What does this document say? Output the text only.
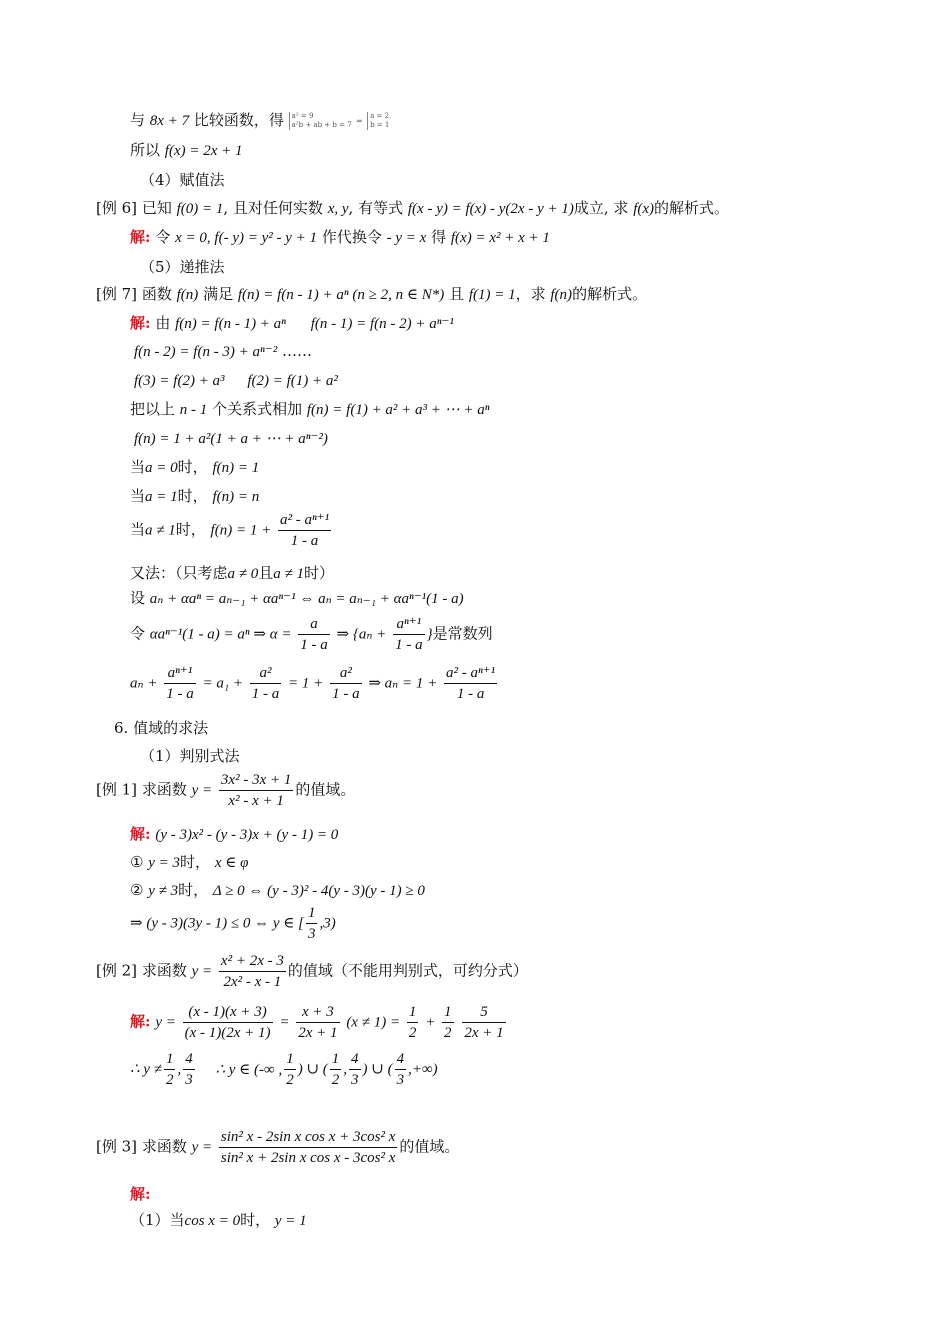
与 8x + 7 比较函数，得 a² = 9
a²b + ab + b = 7
⇒
a = 2
b = 1
所以 f(x) = 2x + 1
（4）赋值法
[例 6] 已知 f(0) = 1, 且对任何实数 x, y, 有等式 f(x - y) = f(x) - y(2x - y + 1)成立, 求 f(x)的解析式。
解: 令 x = 0, f(- y) = y² - y + 1 作代换令 - y = x 得 f(x) = x² + x + 1
（5）递推法
[例 7] 函数 f(n) 满足 f(n) = f(n - 1) + aⁿ (n ≥ 2, n ∈ N*) 且 f(1) = 1，求 f(n)的解析式。
解: 由 f(n) = f(n - 1) + aⁿ f(n - 1) = f(n - 2) + aⁿ⁻¹
f(n - 2) = f(n - 3) + aⁿ⁻² ……
f(3) = f(2) + a³ f(2) = f(1) + a²
把以上 n - 1 个关系式相加 f(n) = f(1) + a² + a³ + ⋯ + aⁿ
f(n) = 1 + a²(1 + a + ⋯ + aⁿ⁻²)
当a = 0时， f(n) = 1
当a = 1时， f(n) = n
当a ≠ 1时， $f(n) = 1 + \frac{\text{a² - aⁿ⁺¹}}{1 - a}$
又法：（只考虑a ≠ 0且a ≠ 1时）
设 aₙ + αaⁿ = aₙ₋₁ + αaⁿ⁻¹ ⇔ aₙ = aₙ₋₁ + αaⁿ⁻¹(1 - a)
令 αaⁿ⁻¹(1 - a) = aⁿ ⇒ $\alpha = \frac{a}{1 - a}$ ⇒ {$a_n + \frac{\text{aⁿ⁺¹}}{1 - a}$ }是常数列
$a_n + \frac{\text{aⁿ⁺¹}}{1 - a} = a_1 + \frac{\text{a²}}{1 - a} = 1 + \frac{\text{a²}}{1 - a}$ ⇒ $a_n = 1 + \frac{\text{a² - aⁿ⁺¹}}{1 - a}$
6. 值域的求法
（1）判别式法
[例 1] 求函数 $y = \frac{\text{3x² - 3x + 1}}{\text{x² - x + 1}}$ 的值域。
解: (y - 3)x² - (y - 3)x + (y - 1) = 0
① y = 3时， x ∈ φ
② y ≠ 3时， Δ ≥ 0 ⇔ (y - 3)² - 4(y - 3)(y - 1) ≥ 0
⇒ (y - 3)(3y - 1) ≤ 0 ⇔ y ∈ [ $\frac{1}{3} ,3$)
[例 2] 求函数 $y = \frac{\text{x² + 2x - 3}}{\text{2x² - x - 1}}$ 的值域（不能用判别式，可约分式）
解: $y = \frac{(x - 1)(x + 3)}{(x - 1)(2x + 1)} = \frac{x + 3}{2x + 1} (x \ne 1) = \frac{1}{2} + \frac{1}{2}$
$\frac{5}{2x + 1}$
∴ $y \ne \frac{1}{2}$ , $\frac{4}{3}$ ∴ y ∈ (-∞ , $\frac{1}{2}$ ) ∪ ( $\frac{1}{2}$ , $\frac{4}{3}$ ) ∪ ( $\frac{4}{3}$ ,+∞)
[例 3] 求函数 $y = \frac{\text{sin² x - 2sin x cos x + 3cos² x}}{\text{sin² x + 2sin x cos x - 3cos² x}}$ 的值域。
解:
（1）当cos x = 0时， y = 1
